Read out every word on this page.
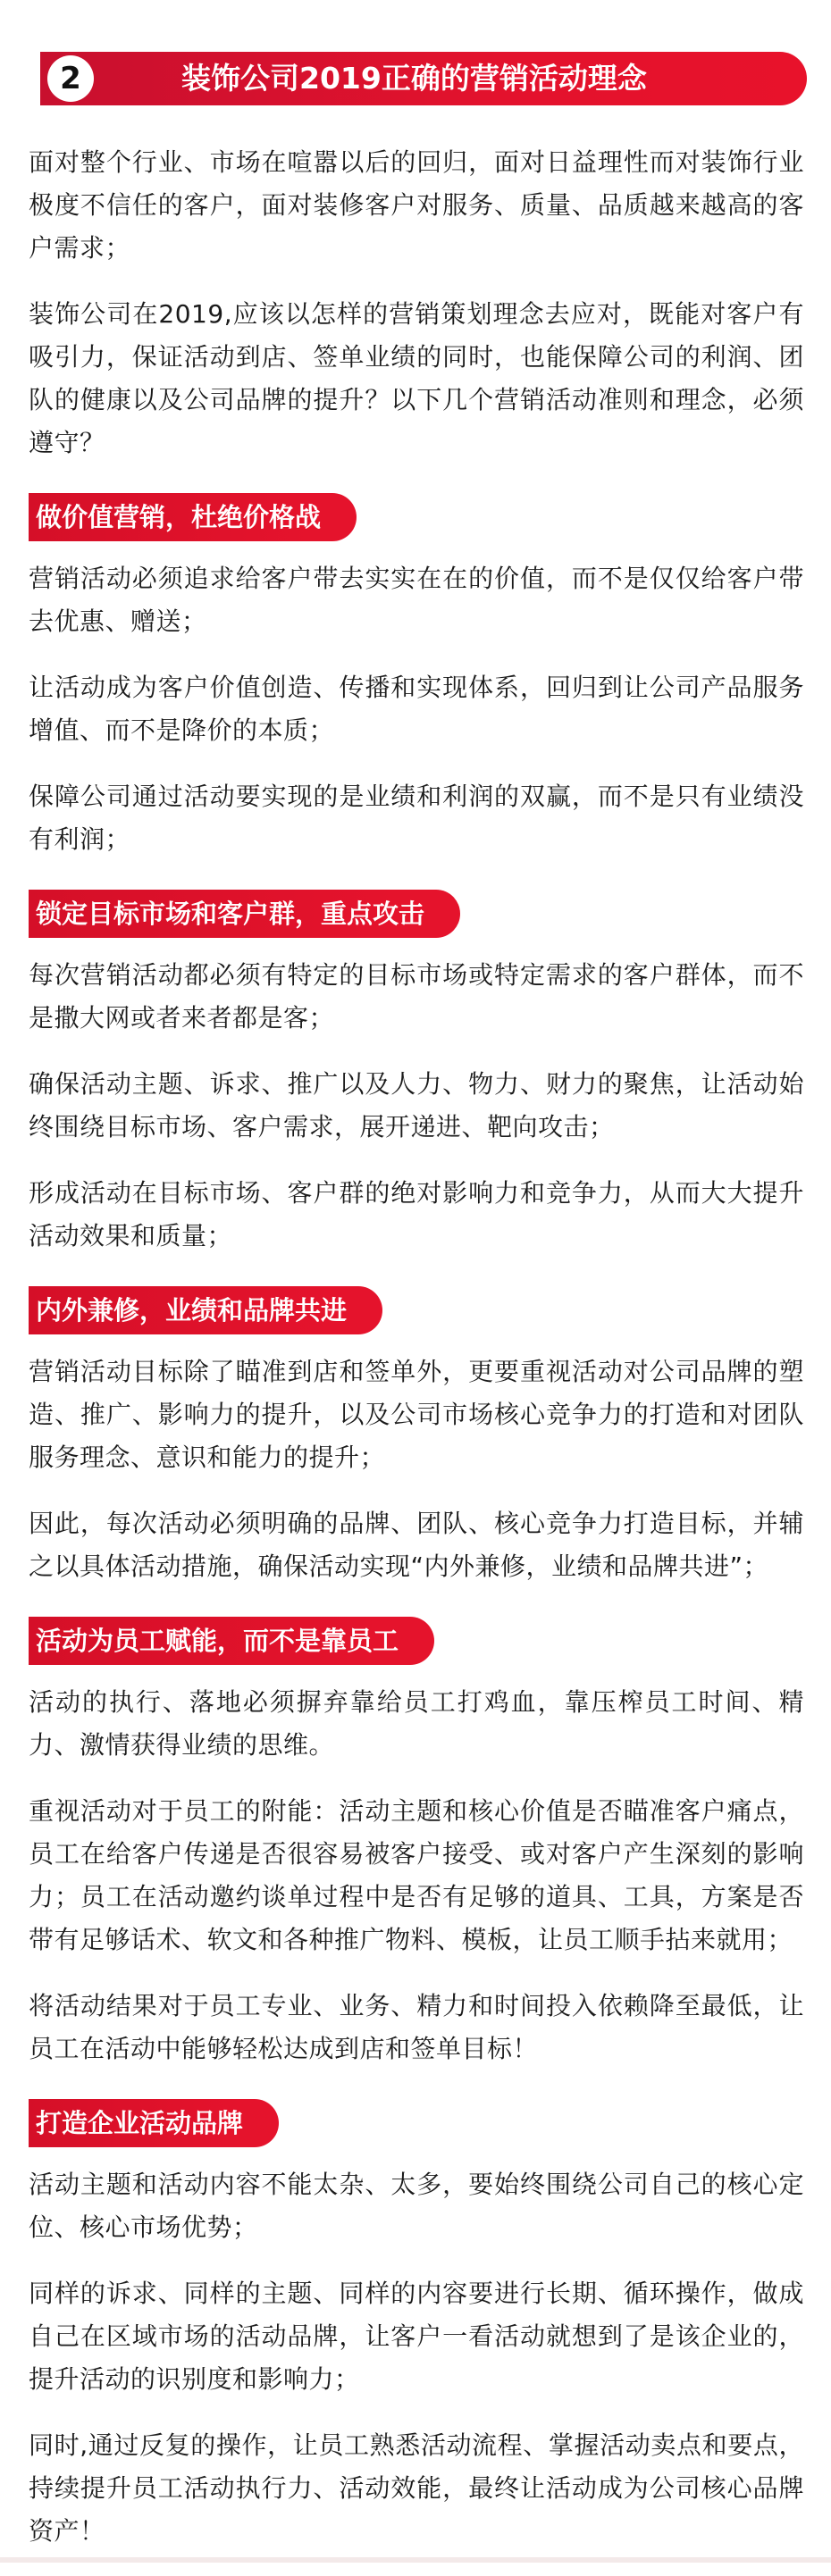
2	装饰公司2019正确的营销活动理念

面对整个行业、市场在喧嚣以后的回归，面对日益理性而对装饰行业极度不信任的客户，面对装修客户对服务、质量、品质越来越高的客户需求；

装饰公司在2019,应该以怎样的营销策划理念去应对，既能对客户有吸引力，保证活动到店、签单业绩的同时，也能保障公司的利润、团队的健康以及公司品牌的提升？以下几个营销活动准则和理念，必须遵守？

做价值营销，杜绝价格战

营销活动必须追求给客户带去实实在在的价值，而不是仅仅给客户带去优惠、赠送；

让活动成为客户价值创造、传播和实现体系，回归到让公司产品服务增值、而不是降价的本质；

保障公司通过活动要实现的是业绩和利润的双赢，而不是只有业绩没有利润；

锁定目标市场和客户群，重点攻击

每次营销活动都必须有特定的目标市场或特定需求的客户群体，而不是撒大网或者来者都是客；

确保活动主题、诉求、推广以及人力、物力、财力的聚焦，让活动始终围绕目标市场、客户需求，展开递进、靶向攻击；

形成活动在目标市场、客户群的绝对影响力和竞争力，从而大大提升活动效果和质量；

内外兼修，业绩和品牌共进

营销活动目标除了瞄准到店和签单外，更要重视活动对公司品牌的塑造、推广、影响力的提升，以及公司市场核心竞争力的打造和对团队服务理念、意识和能力的提升；

因此，每次活动必须明确的品牌、团队、核心竞争力打造目标，并辅之以具体活动措施，确保活动实现“内外兼修，业绩和品牌共进”；

活动为员工赋能，而不是靠员工

活动的执行、落地必须摒弃靠给员工打鸡血，靠压榨员工时间、精力、激情获得业绩的思维。

重视活动对于员工的附能：活动主题和核心价值是否瞄准客户痛点，员工在给客户传递是否很容易被客户接受、或对客户产生深刻的影响力；员工在活动邀约谈单过程中是否有足够的道具、工具，方案是否带有足够话术、软文和各种推广物料、模板，让员工顺手拈来就用；

将活动结果对于员工专业、业务、精力和时间投入依赖降至最低，让员工在活动中能够轻松达成到店和签单目标！

打造企业活动品牌

活动主题和活动内容不能太杂、太多，要始终围绕公司自己的核心定位、核心市场优势；

同样的诉求、同样的主题、同样的内容要进行长期、循环操作，做成自己在区域市场的活动品牌，让客户一看活动就想到了是该企业的，提升活动的识别度和影响力；

同时,通过反复的操作，让员工熟悉活动流程、掌握活动卖点和要点，持续提升员工活动执行力、活动效能，最终让活动成为公司核心品牌资产！
